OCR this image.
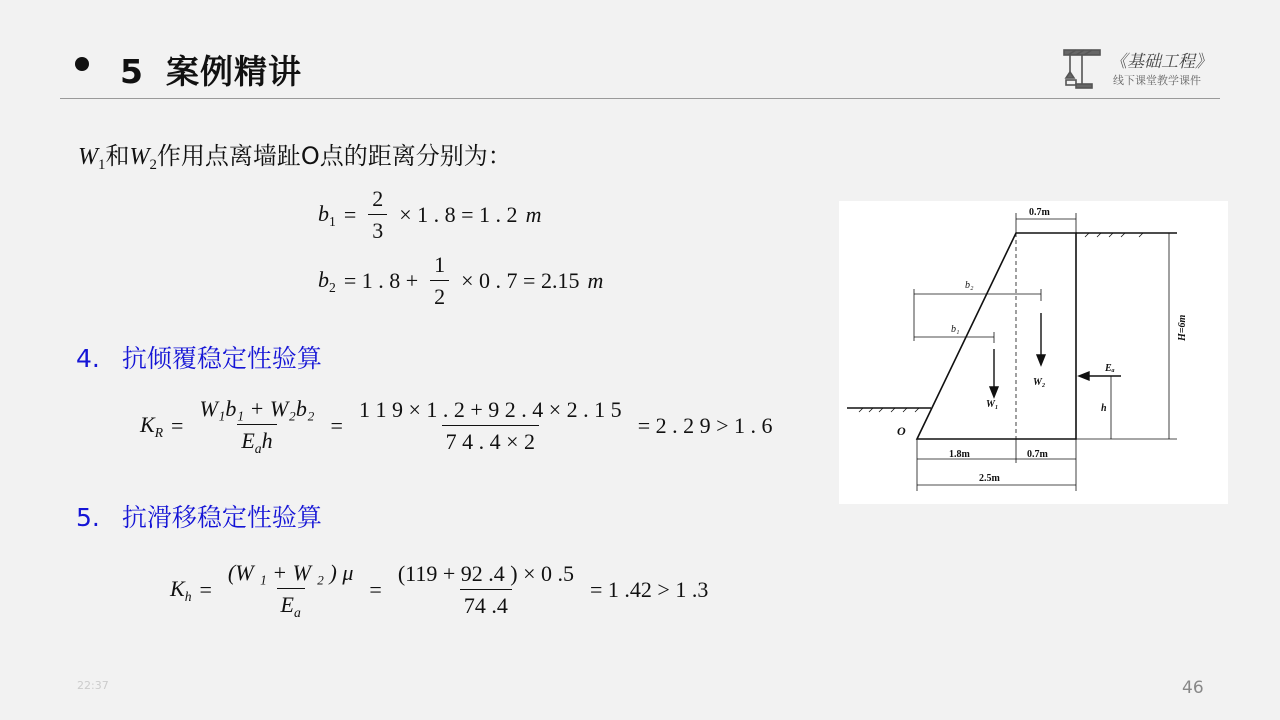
5 案例精讲	《基础工程》
线下课堂教学课件
$W_1$和$W_2$作用点离墙趾O点的距离分别为：
$b_1 = \frac{2}{3} \times 1$ . 8 = 1 . 2 m
$b_2 = 1$ . $8 + \frac{1}{2} \times 0$ . 7 = 2.15 m
4. 抗倾覆稳定性验算
$K_R = \frac{\text{W₁b₁ + W₂b₂}}{E_ah} = \frac{1 1 9 \times 1 . 2 + 9 2 . 4 \times 2 . 1 5}{7 4 . 4 \times 2} = 2$ . 2 9 > 1 . 6
5. 抗滑移稳定性验算
$K_h = \frac{\text{(W ₁ + W ₂ ) μ}}{E_a} = \frac{(119 + 92 .4 ) \times 0 .5}{74 .4} = 1$ .42 > 1 .3
0.7m
H=6m
b₂
b₁
W₁
W₂
Eₐ
h
O
1.8m	0.7m
2.5m
22:37	46
